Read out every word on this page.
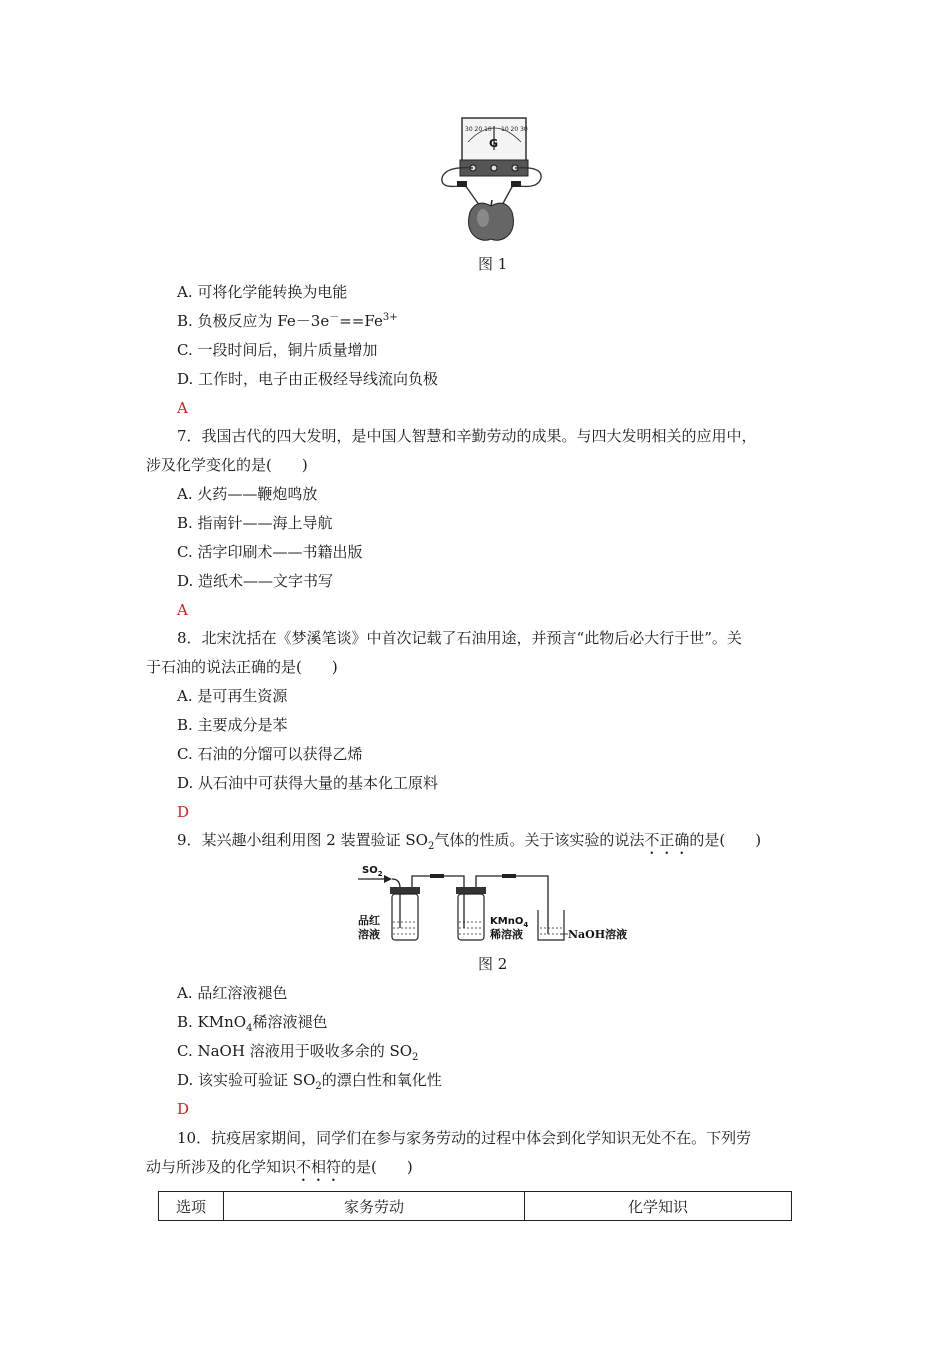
30 20 10 10 20 30
G
图 1
A. 可将化学能转换为电能
B. 负极反应为 $Fe-3e^-==Fe^{3+}$
C. 一段时间后，铜片质量增加
D. 工作时，电子由正极经导线流向负极
A
7．我国古代的四大发明，是中国人智慧和辛勤劳动的成果。与四大发明相关的应用中，
涉及化学变化的是(　　)
A. 火药——鞭炮鸣放
B. 指南针——海上导航
C. 活字印刷术——书籍出版
D. 造纸术——文字书写
A
8．北宋沈括在《梦溪笔谈》中首次记载了石油用途，并预言“此物后必大行于世”。关
于石油的说法正确的是(　　)
A. 是可再生资源
B. 主要成分是苯
C. 石油的分馏可以获得乙烯
D. 从石油中可获得大量的基本化工原料
D
9．某兴趣小组利用图 2 装置验证 $SO_2$气体的性质。关于该实验的说法不正确的是(　　)
$SO_2$
品红
溶液
KMnO$_4$
稀溶液	NaOH溶液
图 2
A. 品红溶液褪色
B. KMnO$_4$稀溶液褪色
C. NaOH 溶液用于吸收多余的 $SO_2$
D. 该实验可验证 $SO_2$的漂白性和氧化性
D
10．抗疫居家期间，同学们在参与家务劳动的过程中体会到化学知识无处不在。下列劳
动与所涉及的化学知识不相符的是(　　)
选项	家务劳动	化学知识
